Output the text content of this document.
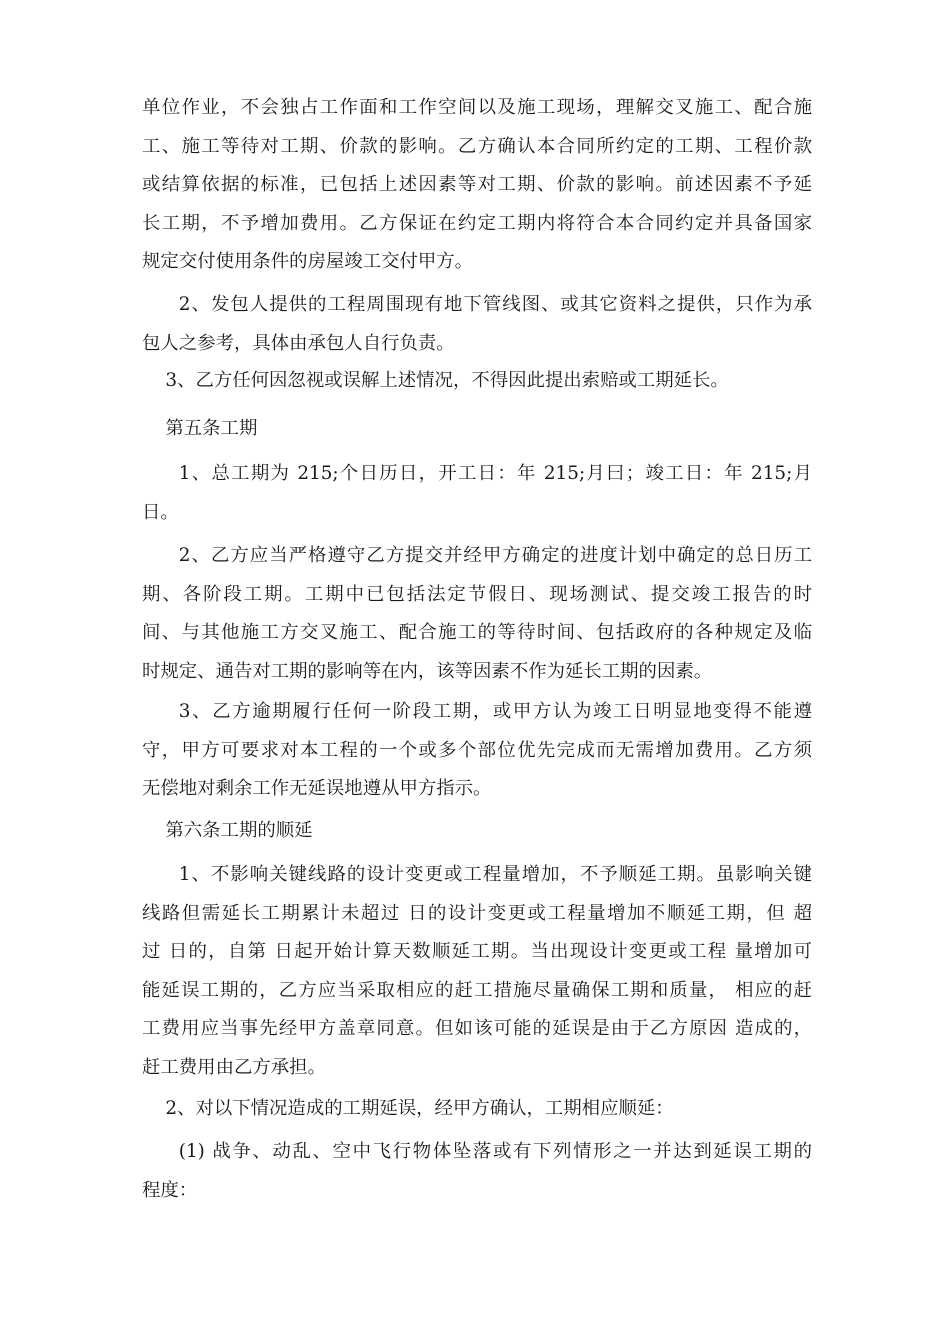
单位作业，不会独占工作面和工作空间以及施工现场，理解交叉施工、配合施
工、施工等待对工期、价款的影响。乙方确认本合同所约定的工期、工程价款
或结算依据的标准，已包括上述因素等对工期、价款的影响。前述因素不予延
长工期，不予增加费用。乙方保证在约定工期内将符合本合同约定并具备国家
规定交付使用条件的房屋竣工交付甲方。
2、发包人提供的工程周围现有地下管线图、或其它资料之提供，只作为承
包人之参考，具体由承包人自行负责。
3、乙方任何因忽视或误解上述情况，不得因此提出索赔或工期延长。
第五条工期
1、总工期为 215;个日历日，开工日：年 215;月曰；竣工日：年 215;月
日。
2、乙方应当严格遵守乙方提交并经甲方确定的进度计划中确定的总日历工
期、各阶段工期。工期中已包括法定节假日、现场测试、提交竣工报告的时
间、与其他施工方交叉施工、配合施工的等待时间、包括政府的各种规定及临
时规定、通告对工期的影响等在内，该等因素不作为延长工期的因素。
3、乙方逾期履行任何一阶段工期，或甲方认为竣工日明显地变得不能遵
守，甲方可要求对本工程的一个或多个部位优先完成而无需增加费用。乙方须
无偿地对剩余工作无延误地遵从甲方指示。
第六条工期的顺延
1、不影响关键线路的设计变更或工程量增加，不予顺延工期。虽影响关键
线路但需延长工期累计未超过 日的设计变更或工程量增加不顺延工期，但 超
过 日的，自第 日起开始计算天数顺延工期。当出现设计变更或工程 量增加可
能延误工期的，乙方应当采取相应的赶工措施尽量确保工期和质量， 相应的赶
工费用应当事先经甲方盖章同意。但如该可能的延误是由于乙方原因 造成的，
赶工费用由乙方承担。
2、对以下情况造成的工期延误，经甲方确认，工期相应顺延：
(1) 战争、动乱、空中飞行物体坠落或有下列情形之一并达到延误工期的
程度：
